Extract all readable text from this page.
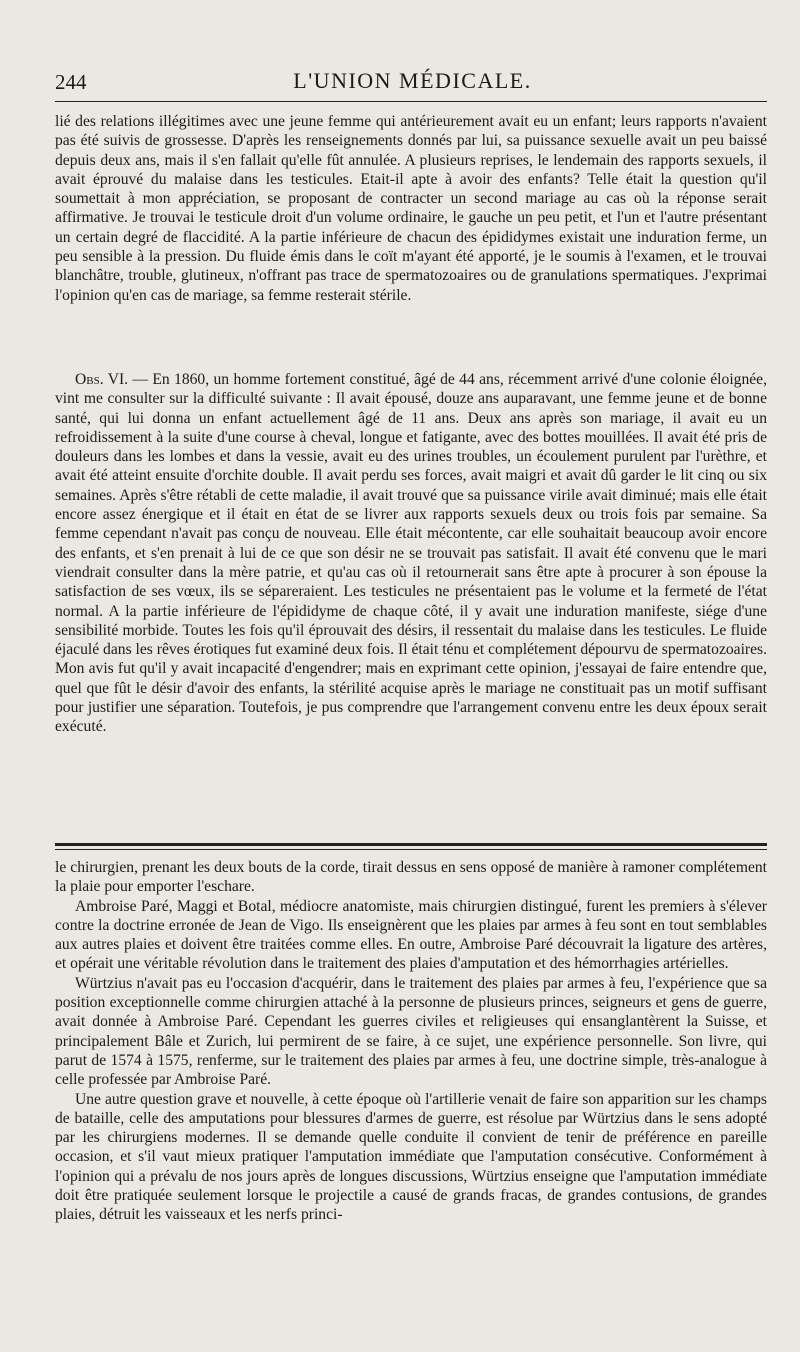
244	L'UNION MÉDICALE.

lié des relations illégitimes avec une jeune femme qui antérieurement avait eu un enfant; leurs rapports n'avaient pas été suivis de grossesse. D'après les renseignements donnés par lui, sa puissance sexuelle avait un peu baissé depuis deux ans, mais il s'en fallait qu'elle fût annulée. A plusieurs reprises, le lendemain des rapports sexuels, il avait éprouvé du malaise dans les testicules. Etait-il apte à avoir des enfants? Telle était la question qu'il soumettait à mon appréciation, se proposant de contracter un second mariage au cas où la réponse serait affirmative. Je trouvai le testicule droit d'un volume ordinaire, le gauche un peu petit, et l'un et l'autre présentant un certain degré de flaccidité. A la partie inférieure de chacun des épididymes existait une induration ferme, un peu sensible à la pression. Du fluide émis dans le coït m'ayant été apporté, je le soumis à l'examen, et le trouvai blanchâtre, trouble, glutineux, n'offrant pas trace de spermatozoaires ou de granulations spermatiques. J'exprimai l'opinion qu'en cas de mariage, sa femme resterait stérile.

Obs. VI. — En 1860, un homme fortement constitué, âgé de 44 ans, récemment arrivé d'une colonie éloignée, vint me consulter sur la difficulté suivante : Il avait épousé, douze ans auparavant, une femme jeune et de bonne santé, qui lui donna un enfant actuellement âgé de 11 ans. Deux ans après son mariage, il avait eu un refroidissement à la suite d'une course à cheval, longue et fatigante, avec des bottes mouillées. Il avait été pris de douleurs dans les lombes et dans la vessie, avait eu des urines troubles, un écoulement purulent par l'urèthre, et avait été atteint ensuite d'orchite double. Il avait perdu ses forces, avait maigri et avait dû garder le lit cinq ou six semaines. Après s'être rétabli de cette maladie, il avait trouvé que sa puissance virile avait diminué; mais elle était encore assez énergique et il était en état de se livrer aux rapports sexuels deux ou trois fois par semaine. Sa femme cependant n'avait pas conçu de nouveau. Elle était mécontente, car elle souhaitait beaucoup avoir encore des enfants, et s'en prenait à lui de ce que son désir ne se trouvait pas satisfait. Il avait été convenu que le mari viendrait consulter dans la mère patrie, et qu'au cas où il retournerait sans être apte à procurer à son épouse la satisfaction de ses vœux, ils se sépareraient. Les testicules ne présentaient pas le volume et la fermeté de l'état normal. A la partie inférieure de l'épididyme de chaque côté, il y avait une induration manifeste, siége d'une sensibilité morbide. Toutes les fois qu'il éprouvait des désirs, il ressentait du malaise dans les testicules. Le fluide éjaculé dans les rêves érotiques fut examiné deux fois. Il était ténu et complétement dépourvu de spermatozoaires. Mon avis fut qu'il y avait incapacité d'engendrer; mais en exprimant cette opinion, j'essayai de faire entendre que, quel que fût le désir d'avoir des enfants, la stérilité acquise après le mariage ne constituait pas un motif suffisant pour justifier une séparation. Toutefois, je pus comprendre que l'arrangement convenu entre les deux époux serait exécuté.

le chirurgien, prenant les deux bouts de la corde, tirait dessus en sens opposé de manière à ramoner complétement la plaie pour emporter l'eschare.

Ambroise Paré, Maggi et Botal, médiocre anatomiste, mais chirurgien distingué, furent les premiers à s'élever contre la doctrine erronée de Jean de Vigo. Ils enseignèrent que les plaies par armes à feu sont en tout semblables aux autres plaies et doivent être traitées comme elles. En outre, Ambroise Paré découvrait la ligature des artères, et opérait une véritable révolution dans le traitement des plaies d'amputation et des hémorrhagies artérielles.

Würtzius n'avait pas eu l'occasion d'acquérir, dans le traitement des plaies par armes à feu, l'expérience que sa position exceptionnelle comme chirurgien attaché à la personne de plusieurs princes, seigneurs et gens de guerre, avait donnée à Ambroise Paré. Cependant les guerres civiles et religieuses qui ensanglantèrent la Suisse, et principalement Bâle et Zurich, lui permirent de se faire, à ce sujet, une expérience personnelle. Son livre, qui parut de 1574 à 1575, renferme, sur le traitement des plaies par armes à feu, une doctrine simple, très-analogue à celle professée par Ambroise Paré.

Une autre question grave et nouvelle, à cette époque où l'artillerie venait de faire son apparition sur les champs de bataille, celle des amputations pour blessures d'armes de guerre, est résolue par Würtzius dans le sens adopté par les chirurgiens modernes. Il se demande quelle conduite il convient de tenir de préférence en pareille occasion, et s'il vaut mieux pratiquer l'amputation immédiate que l'amputation consécutive. Conformément à l'opinion qui a prévalu de nos jours après de longues discussions, Würtzius enseigne que l'amputation immédiate doit être pratiquée seulement lorsque le projectile a causé de grands fracas, de grandes contusions, de grandes plaies, détruit les vaisseaux et les nerfs princi-
